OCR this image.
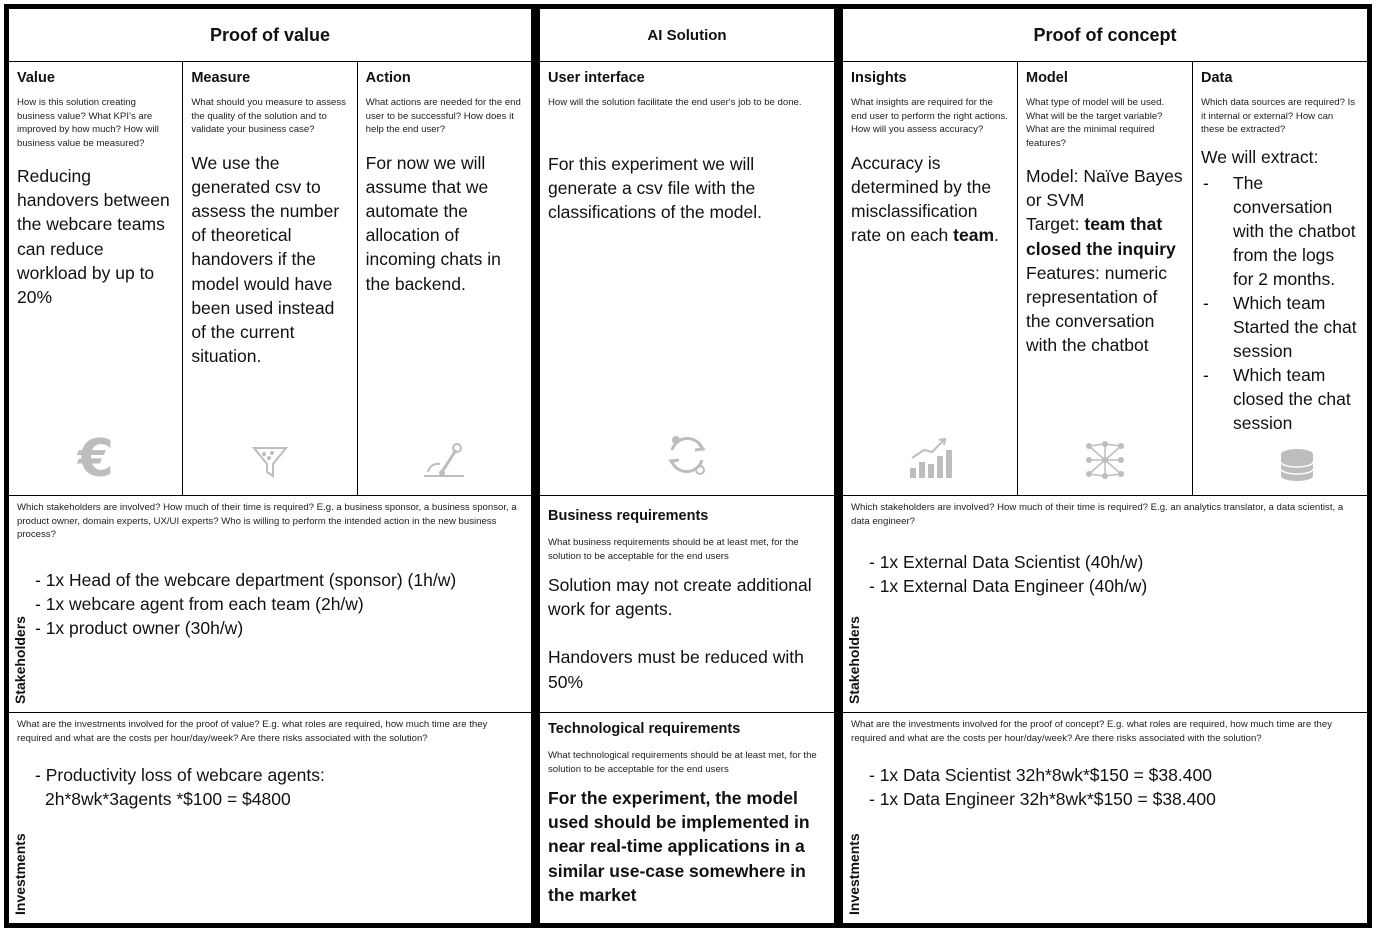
Proof of value
Value
How is this solution creating business value? What KPI’s are improved by how much? How will business value be measured?
Reducing handovers between the webcare teams can reduce workload by up to 20%
€
Measure
What should you measure to assess the quality of the solution and to validate your business case?
We use the generated csv to assess the number of theoretical handovers if the model would have been used instead of the current situation.
Action
What actions are needed for the end user to be successful? How does it help the end user?
For now we will assume that we automate the allocation of incoming chats in the backend.
Which stakeholders are involved? How much of their time is required? E.g. a business sponsor, a business sponsor, a product owner, domain experts, UX/UI experts? Who is willing to perform the intended action in the new business process?
- 1x Head of the webcare department (sponsor) (1h/w)
- 1x webcare agent from each team (2h/w)
- 1x product owner (30h/w)
Stakeholders
What are the investments involved for the proof of value? E.g. what roles are required, how much time are they required and what are the costs per hour/day/week? Are there risks associated with the solution?
- Productivity loss of webcare agents:
2h*8wk*3agents *$100 = $4800
Investments
AI Solution
User interface
How will the solution facilitate the end user's job to be done.
For this experiment we will generate a csv file with the classifications of the model.
Business requirements
What business requirements should be at least met, for the solution to be acceptable for the end users
Solution may not create additional work for agents.
Handovers must be reduced with 50%
Technological requirements
What technological requirements should be at least met, for the solution to be acceptable for the end users
For the experiment, the model used should be implemented in near real-time applications in a similar use-case somewhere in the market
Proof of concept
Insights
What insights are required for the end user to perform the right actions. How will you assess accuracy?
Accuracy is determined by the misclassification rate on each team.
Model
What type of model will be used. What will be the target variable? What are the minimal required features?
Model: Naïve Bayes or SVM
Target: team that closed the inquiry
Features: numeric representation of the conversation with the chatbot
Data
Which data sources are required? Is it internal or external? How can these be extracted?
We will extract:
- The conversation with the chatbot from the logs for 2 months.
- Which team Started the chat session
- Which team closed the chat session
Which stakeholders are involved? How much of their time is required? E.g. an analytics translator, a data scientist, a data engineer?
- 1x External Data Scientist (40h/w)
- 1x External Data Engineer (40h/w)
Stakeholders
What are the investments involved for the proof of concept? E.g. what roles are required, how much time are they required and what are the costs per hour/day/week? Are there risks associated with the solution?
- 1x Data Scientist 32h*8wk*$150 = $38.400
- 1x Data Engineer 32h*8wk*$150 = $38.400
Investments
